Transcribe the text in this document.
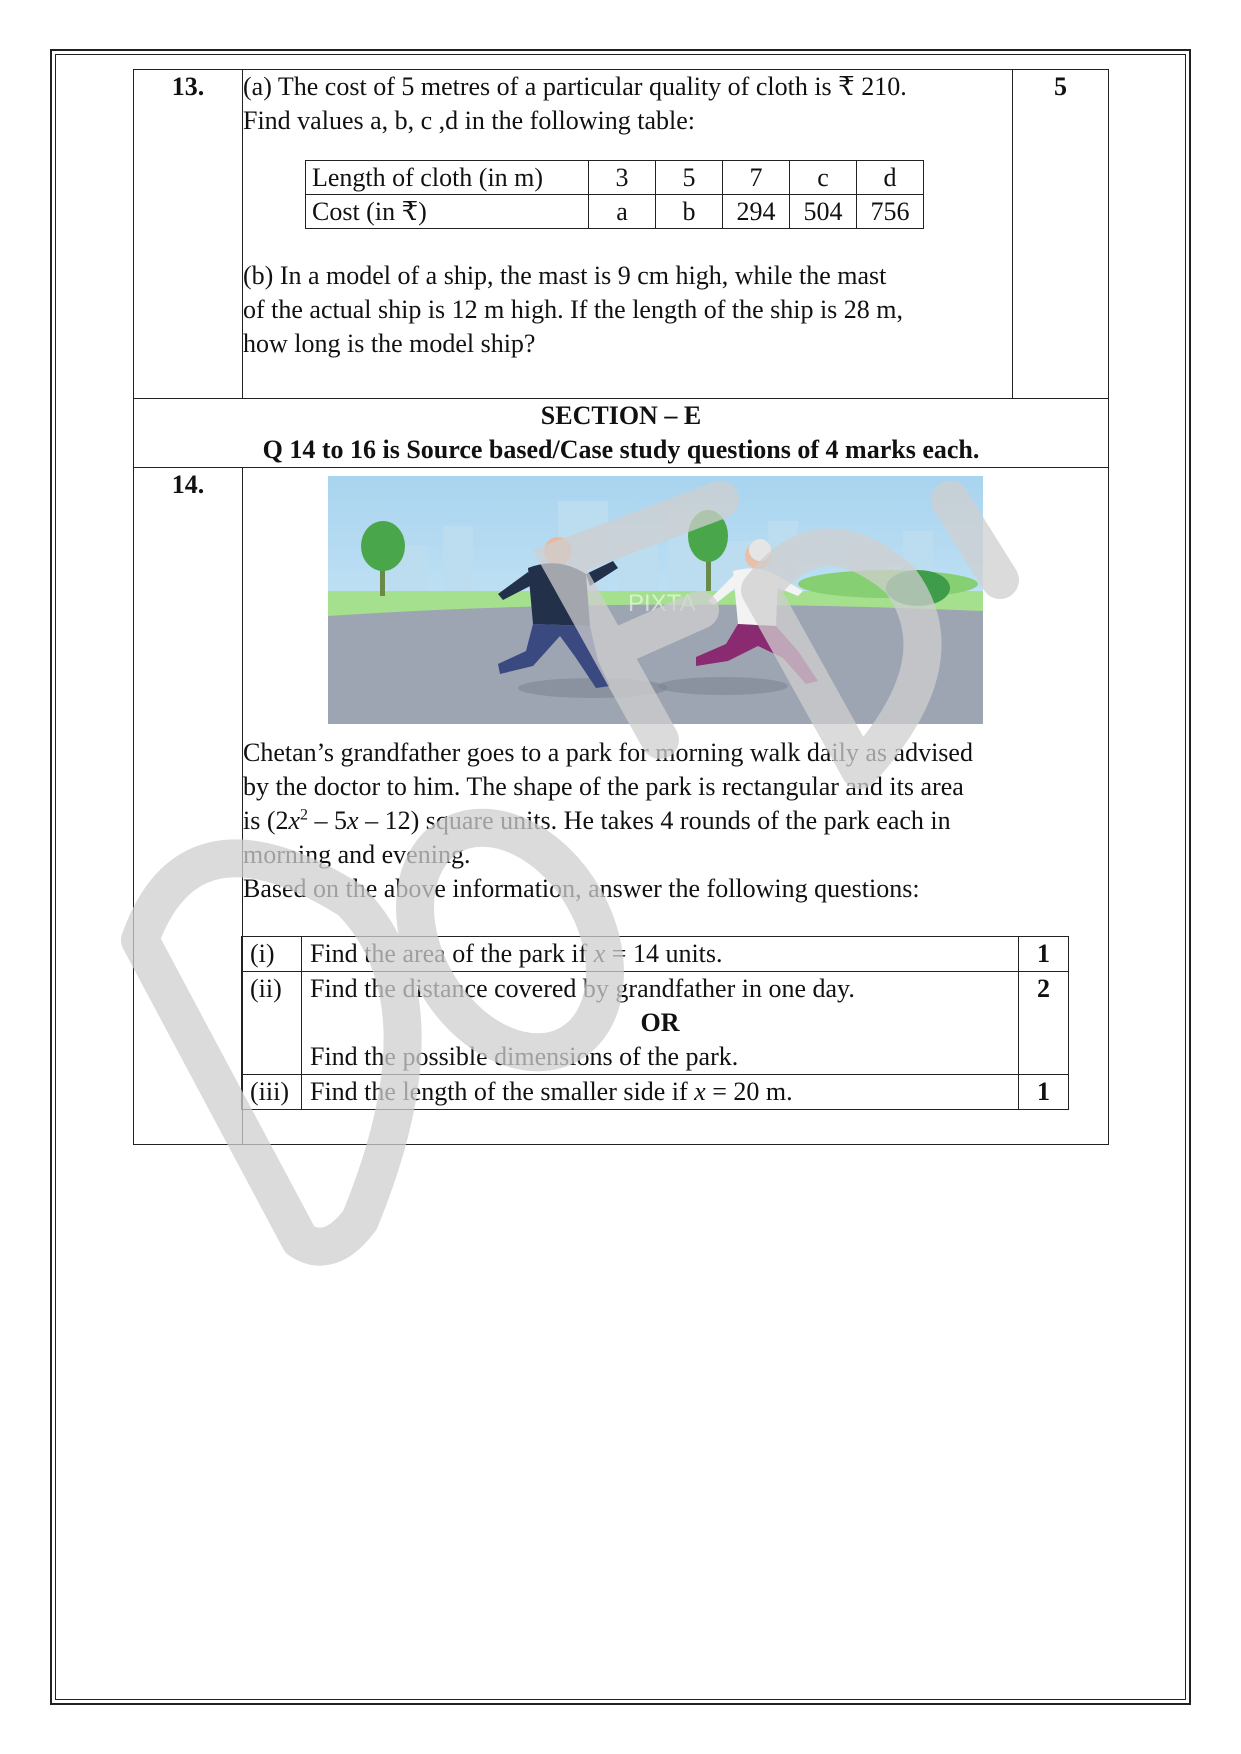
13.	(a) The cost of 5 metres of a particular quality of cloth is ₹ 210.
Find values a, b, c ,d in the following table:
Length of cloth (in m)	3	5	7	c	d
Cost (in ₹)	a	b	294	504	756
(b) In a model of a ship, the mast is 9 cm high, while the mast
of the actual ship is 12 m high. If the length of the ship is 28 m,
how long is the model ship?
	5

SECTION – E
Q 14 to 16 is Source based/Case study questions of 4 marks each.

14.	
PIXTA
Chetan’s grandfather goes to a park for morning walk daily as advised
by the doctor to him. The shape of the park is rectangular and its area
is $(2x^2 - 5x - 12)$ square units. He takes 4 rounds of the park each in
morning and evening.
Based on the above information, answer the following questions:
(i)	Find the area of the park if x = 14 units.	1
(ii)	Find the distance covered by grandfather in one day.
OR
Find the possible dimensions of the park.
	2
(iii)	Find the length of the smaller side if x = 20 m.	1
